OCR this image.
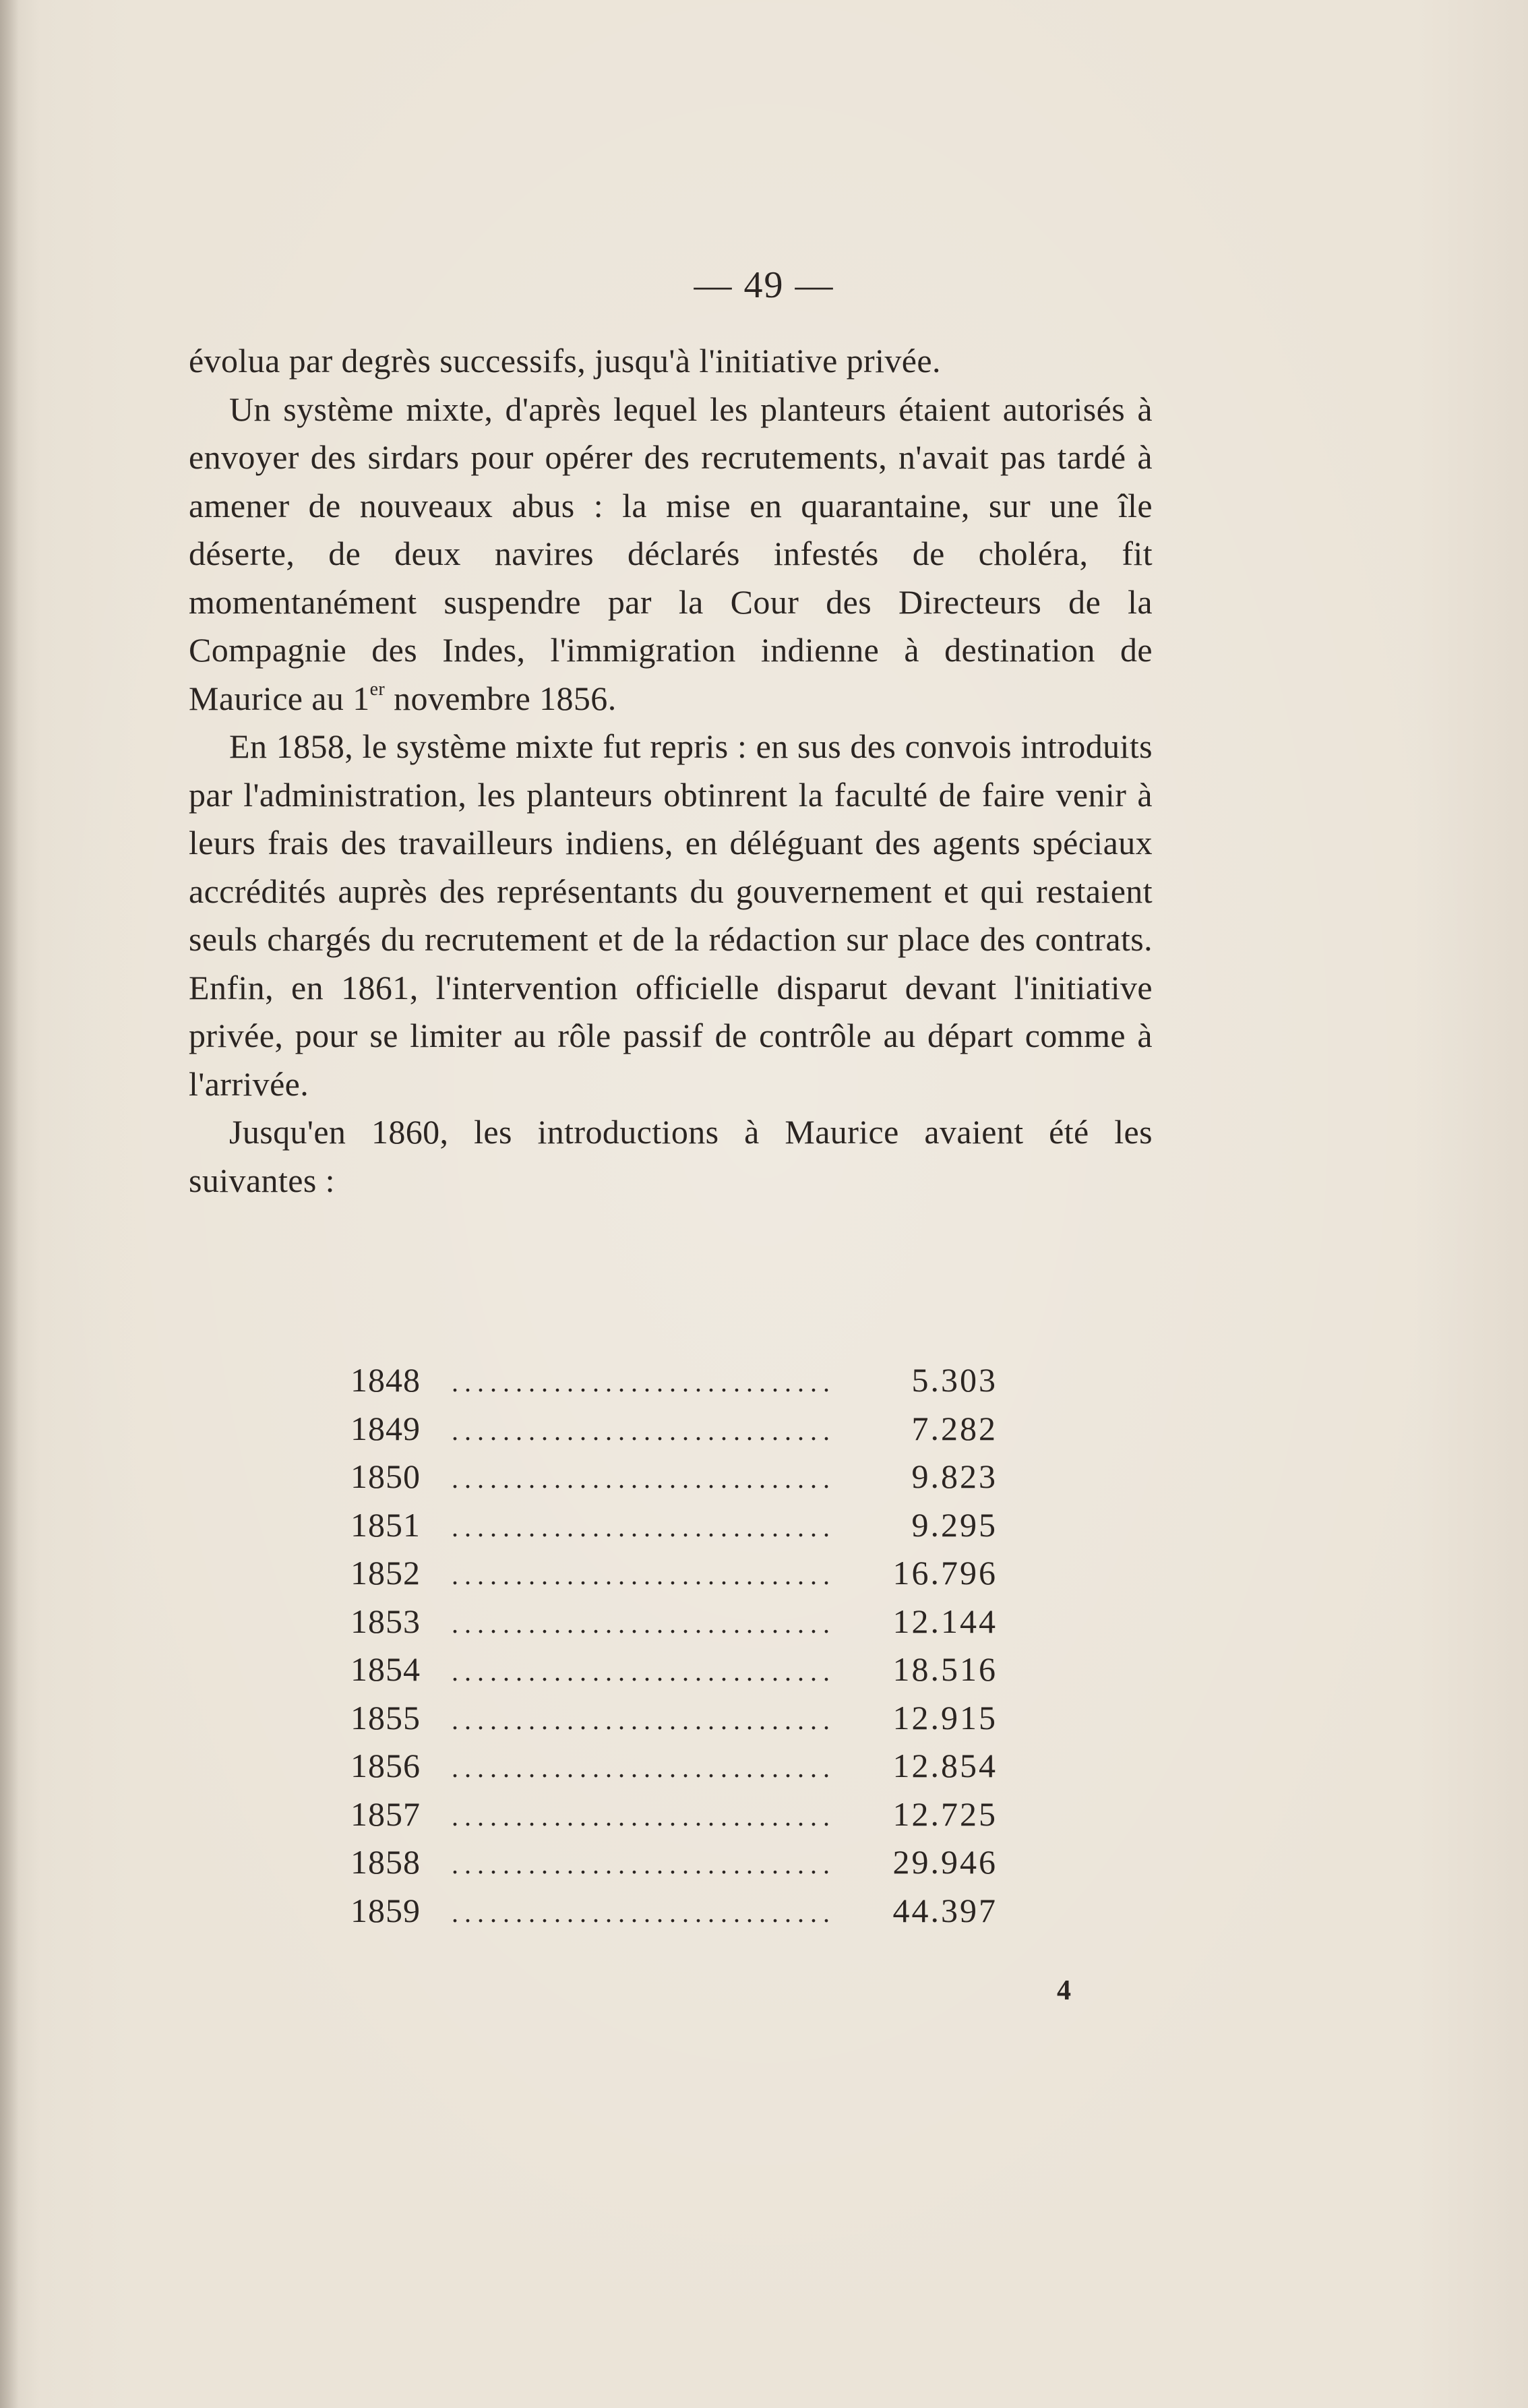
— 49 —

évolua par degrès successifs, jusqu'à l'initiative privée.

Un système mixte, d'après lequel les planteurs étaient autorisés à envoyer des sirdars pour opérer des recrutements, n'avait pas tardé à amener de nouveaux abus : la mise en quarantaine, sur une île déserte, de deux navires déclarés infestés de choléra, fit momentanément suspendre par la Cour des Directeurs de la Compagnie des Indes, l'immigration indienne à destination de Maurice au 1er novembre 1856.

En 1858, le système mixte fut repris : en sus des convois introduits par l'administration, les planteurs obtinrent la faculté de faire venir à leurs frais des travailleurs indiens, en déléguant des agents spéciaux accrédités auprès des représentants du gouvernement et qui restaient seuls chargés du recrutement et de la rédaction sur place des contrats. Enfin, en 1861, l'intervention officielle disparut devant l'initiative privée, pour se limiter au rôle passif de contrôle au départ comme à l'arrivée.

Jusqu'en 1860, les introductions à Maurice avaient été les suivantes :

1848 .....	5.303
1849 .....	7.282
1850 .....	9.823
1851 .....	9.295
1852 .....	16.796
1853 .....	12.144
1854 .....	18.516
1855 .....	12.915
1856 .....	12.854
1857 .....	12.725
1858 .....	29.946
1859 .....	44.397
4
